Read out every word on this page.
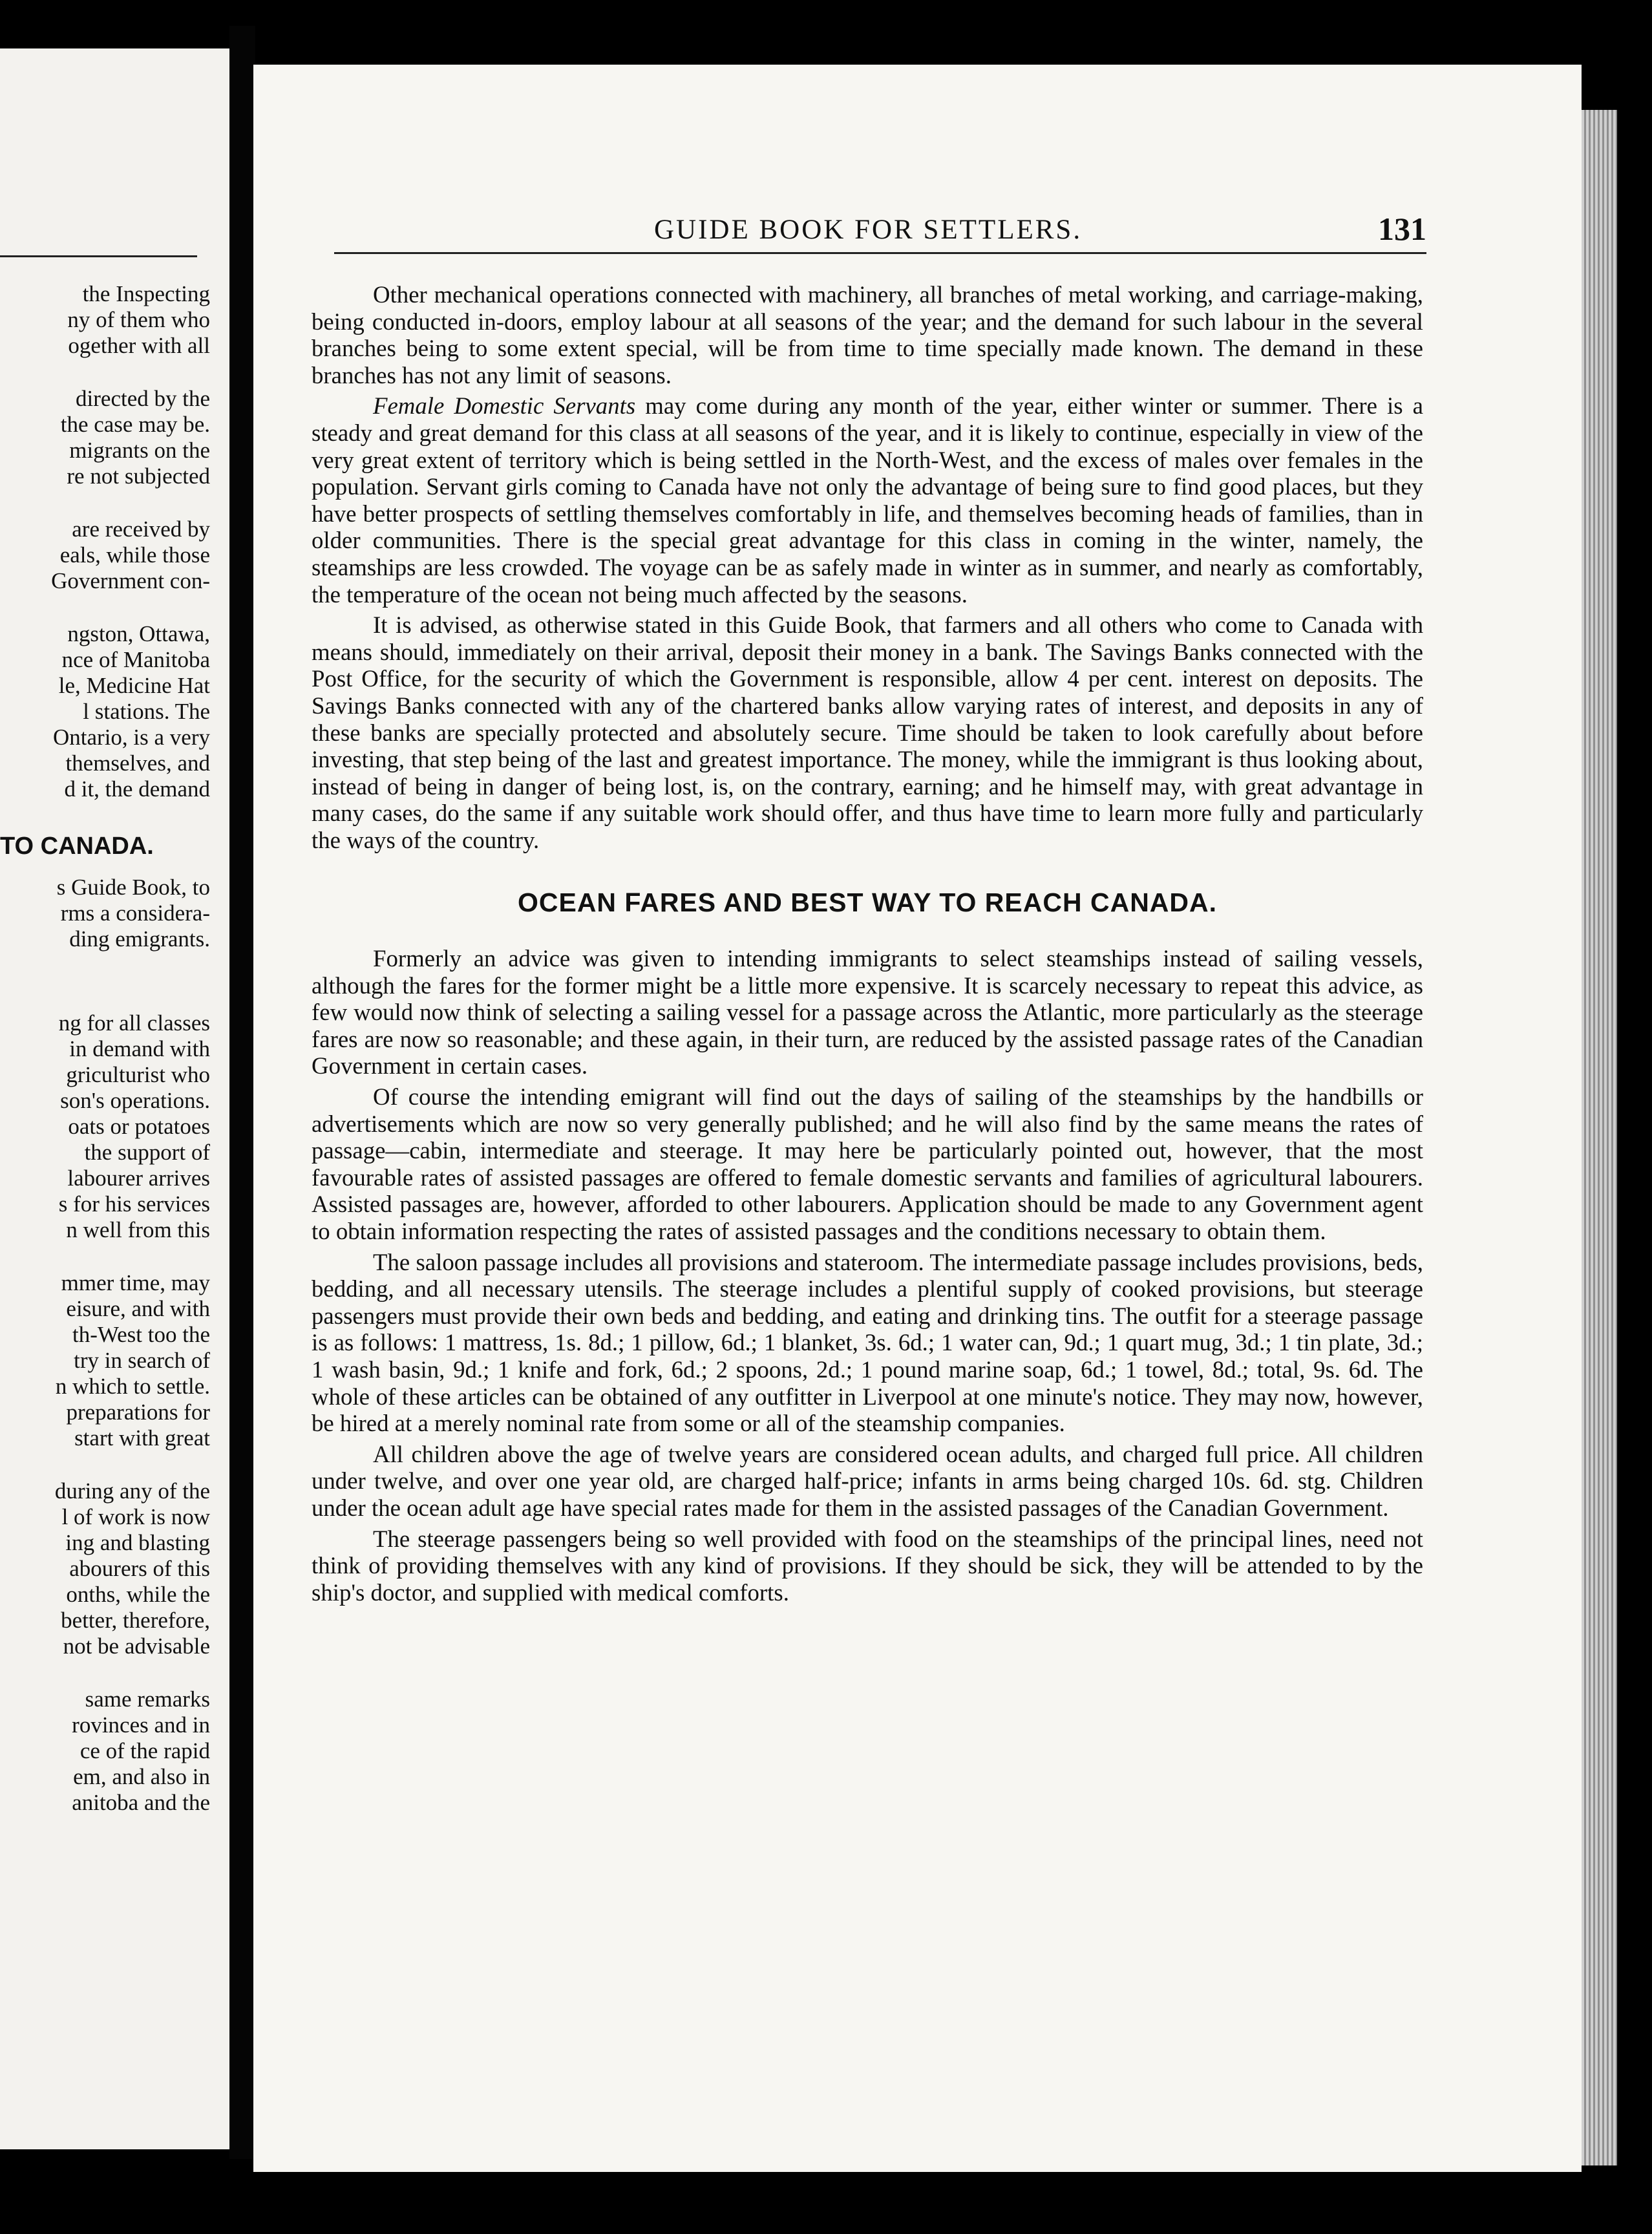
the Inspecting
ny of them who
ogether with all
directed by the
the case may be.
migrants on the
re not subjected
are received by
eals, while those
Government con-
ngston, Ottawa,
nce of Manitoba
le, Medicine Hat
l stations. The
Ontario, is a very
themselves, and
d it, the demand
TO CANADA.
s Guide Book, to
rms a considera-
ding emigrants.
ng for all classes
in demand with
griculturist who
son's operations.
oats or potatoes
the support of
labourer arrives
s for his services
n well from this
mmer time, may
eisure, and with
th-West too the
try in search of
n which to settle.
preparations for
start with great
during any of the
l of work is now
ing and blasting
abourers of this
onths, while the
better, therefore,
not be advisable
same remarks
rovinces and in
ce of the rapid
em, and also in
anitoba and the
GUIDE BOOK FOR SETTLERS.	131

Other mechanical operations connected with machinery, all branches of metal working, and carriage-making, being conducted in-doors, employ labour at all seasons of the year; and the demand for such labour in the several branches being to some extent special, will be from time to time specially made known. The demand in these branches has not any limit of seasons.

Female Domestic Servants may come during any month of the year, either winter or summer. There is a steady and great demand for this class at all seasons of the year, and it is likely to continue, especially in view of the very great extent of territory which is being settled in the North-West, and the excess of males over females in the population. Servant girls coming to Canada have not only the advantage of being sure to find good places, but they have better prospects of settling themselves comfortably in life, and themselves becoming heads of families, than in older communities. There is the special great advantage for this class in coming in the winter, namely, the steamships are less crowded. The voyage can be as safely made in winter as in summer, and nearly as comfortably, the temperature of the ocean not being much affected by the seasons.

It is advised, as otherwise stated in this Guide Book, that farmers and all others who come to Canada with means should, immediately on their arrival, deposit their money in a bank. The Savings Banks connected with the Post Office, for the security of which the Government is responsible, allow 4 per cent. interest on deposits. The Savings Banks connected with any of the chartered banks allow varying rates of interest, and deposits in any of these banks are specially protected and absolutely secure. Time should be taken to look carefully about before investing, that step being of the last and greatest importance. The money, while the immigrant is thus looking about, instead of being in danger of being lost, is, on the contrary, earning; and he himself may, with great advantage in many cases, do the same if any suitable work should offer, and thus have time to learn more fully and particularly the ways of the country.

OCEAN FARES AND BEST WAY TO REACH CANADA.

Formerly an advice was given to intending immigrants to select steamships instead of sailing vessels, although the fares for the former might be a little more expensive. It is scarcely necessary to repeat this advice, as few would now think of selecting a sailing vessel for a passage across the Atlantic, more particularly as the steerage fares are now so reasonable; and these again, in their turn, are reduced by the assisted passage rates of the Canadian Government in certain cases.

Of course the intending emigrant will find out the days of sailing of the steamships by the handbills or advertisements which are now so very generally published; and he will also find by the same means the rates of passage—cabin, intermediate and steerage. It may here be particularly pointed out, however, that the most favourable rates of assisted passages are offered to female domestic servants and families of agricultural labourers. Assisted passages are, however, afforded to other labourers. Application should be made to any Government agent to obtain information respecting the rates of assisted passages and the conditions necessary to obtain them.

The saloon passage includes all provisions and stateroom. The intermediate passage includes provisions, beds, bedding, and all necessary utensils. The steerage includes a plentiful supply of cooked provisions, but steerage passengers must provide their own beds and bedding, and eating and drinking tins. The outfit for a steerage passage is as follows: 1 mattress, 1s. 8d.; 1 pillow, 6d.; 1 blanket, 3s. 6d.; 1 water can, 9d.; 1 quart mug, 3d.; 1 tin plate, 3d.; 1 wash basin, 9d.; 1 knife and fork, 6d.; 2 spoons, 2d.; 1 pound marine soap, 6d.; 1 towel, 8d.; total, 9s. 6d. The whole of these articles can be obtained of any outfitter in Liverpool at one minute's notice. They may now, however, be hired at a merely nominal rate from some or all of the steamship companies.

All children above the age of twelve years are considered ocean adults, and charged full price. All children under twelve, and over one year old, are charged half-price; infants in arms being charged 10s. 6d. stg. Children under the ocean adult age have special rates made for them in the assisted passages of the Canadian Government.

The steerage passengers being so well provided with food on the steamships of the principal lines, need not think of providing themselves with any kind of provisions. If they should be sick, they will be attended to by the ship's doctor, and supplied with medical comforts.
